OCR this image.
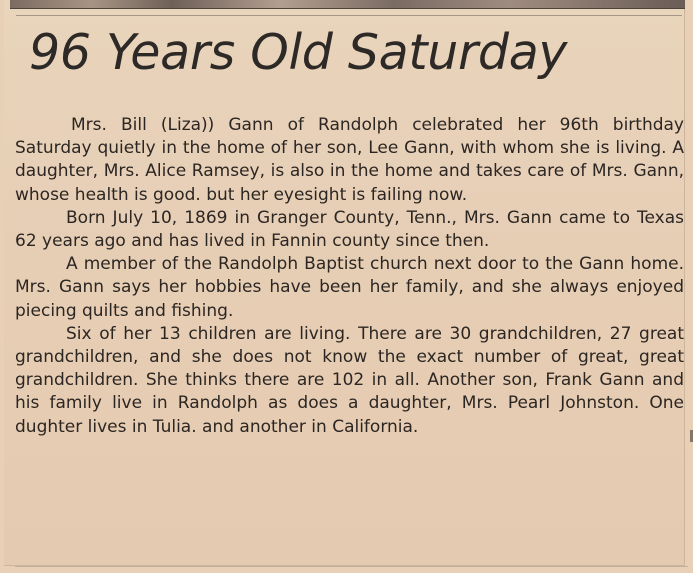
96 Years Old Saturday

Mrs. Bill (Liza)) Gann of Randolph celebrated her 96th birthday Saturday quietly in the home of her son, Lee Gann, with whom she is living. A daughter, Mrs. Alice Ramsey, is also in the home and takes care of Mrs. Gann, whose health is good. but her eyesight is failing now.

Born July 10, 1869 in Granger County, Tenn., Mrs. Gann came to Texas 62 years ago and has lived in Fannin county since then.

A member of the Randolph Baptist church next door to the Gann home. Mrs. Gann says her hobbies have been her family, and she always enjoyed piecing quilts and fishing.

Six of her 13 children are living. There are 30 grandchildren, 27 great grandchildren, and she does not know the exact number of great, great grandchildren. She thinks there are 102 in all. Another son, Frank Gann and his family live in Randolph as does a daughter, Mrs. Pearl Johnston. One dughter lives in Tulia. and another in California.
